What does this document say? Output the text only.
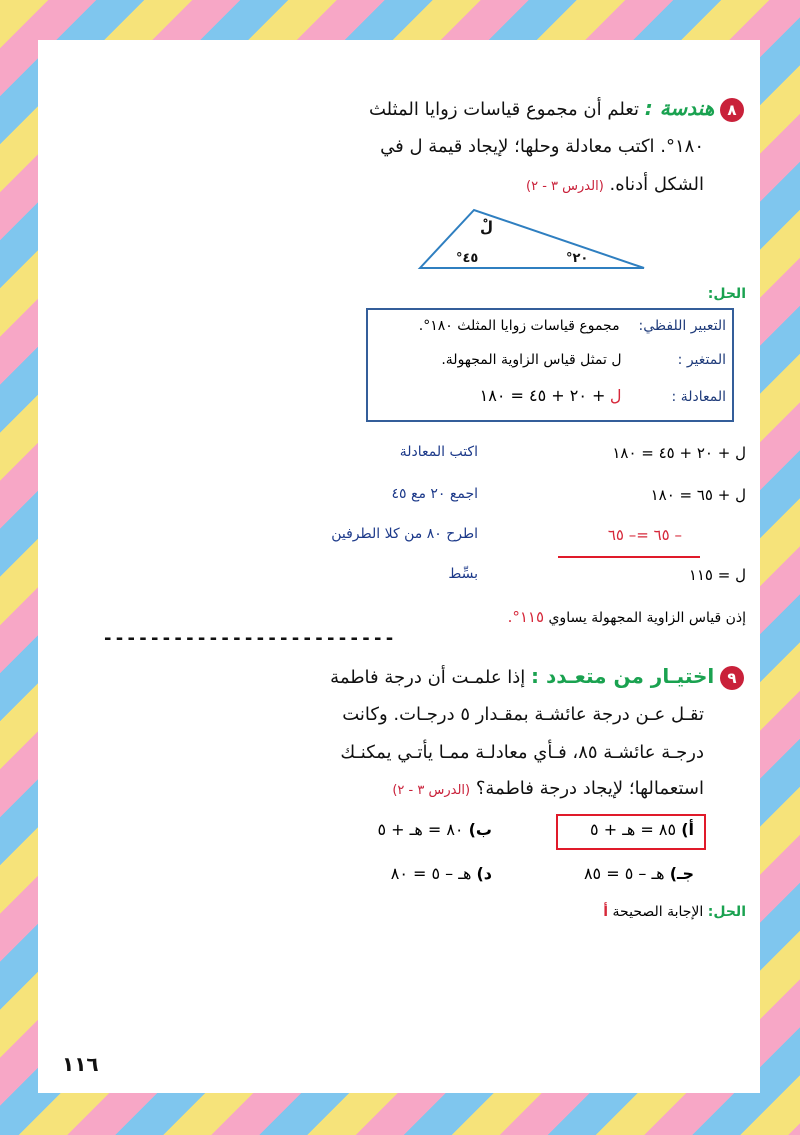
٨ هندسة : تعلم أن مجموع قياسات زوايا المثلث
١٨٠°. اكتب معادلة وحلها؛ لإيجاد قيمة ل في
الشكل أدناه. (الدرس ٣ - ٢)
لْ
°٤٥	°٢٠
الحل:
التعبير اللفظي:  مجموع قياسات زوايا المثلث ١٨٠°.
المتغير : ل تمثل قياس الزاوية المجهولة.
المعادلة : ل + ٢٠ + ٤٥ = ١٨٠
ل + ٢٠ + ٤٥ = ١٨٠
اكتب المعادلة
ل + ٦٥ = ١٨٠
اجمع ٢٠ مع ٤٥
– ٦٥ =– ٦٥
اطرح ٨٠ من كلا الطرفين
ل = ١١٥
بسِّط
إذن قياس الزاوية المجهولة يساوي ١١٥°.
- - - - - - - - - - - - - - - - - - - - - - - - -
٩ اختيـار من متعـدد : إذا علمـت أن درجة فاطمة
تقـل عـن درجة عائشـة بمقـدار ٥ درجـات. وكانت
درجـة عائشـة ٨٥، فـأي معادلـة ممـا يأتـي يمكنـك
استعمالها؛ لإيجاد درجة فاطمة؟ (الدرس ٣ - ٢)
أ) ٨٥ = هـ + ٥
ب) ٨٠ = هـ + ٥
جـ) هـ – ٥ = ٨٥
د) هـ – ٥ = ٨٠
الحل: الإجابة الصحيحة أ
١١٦
